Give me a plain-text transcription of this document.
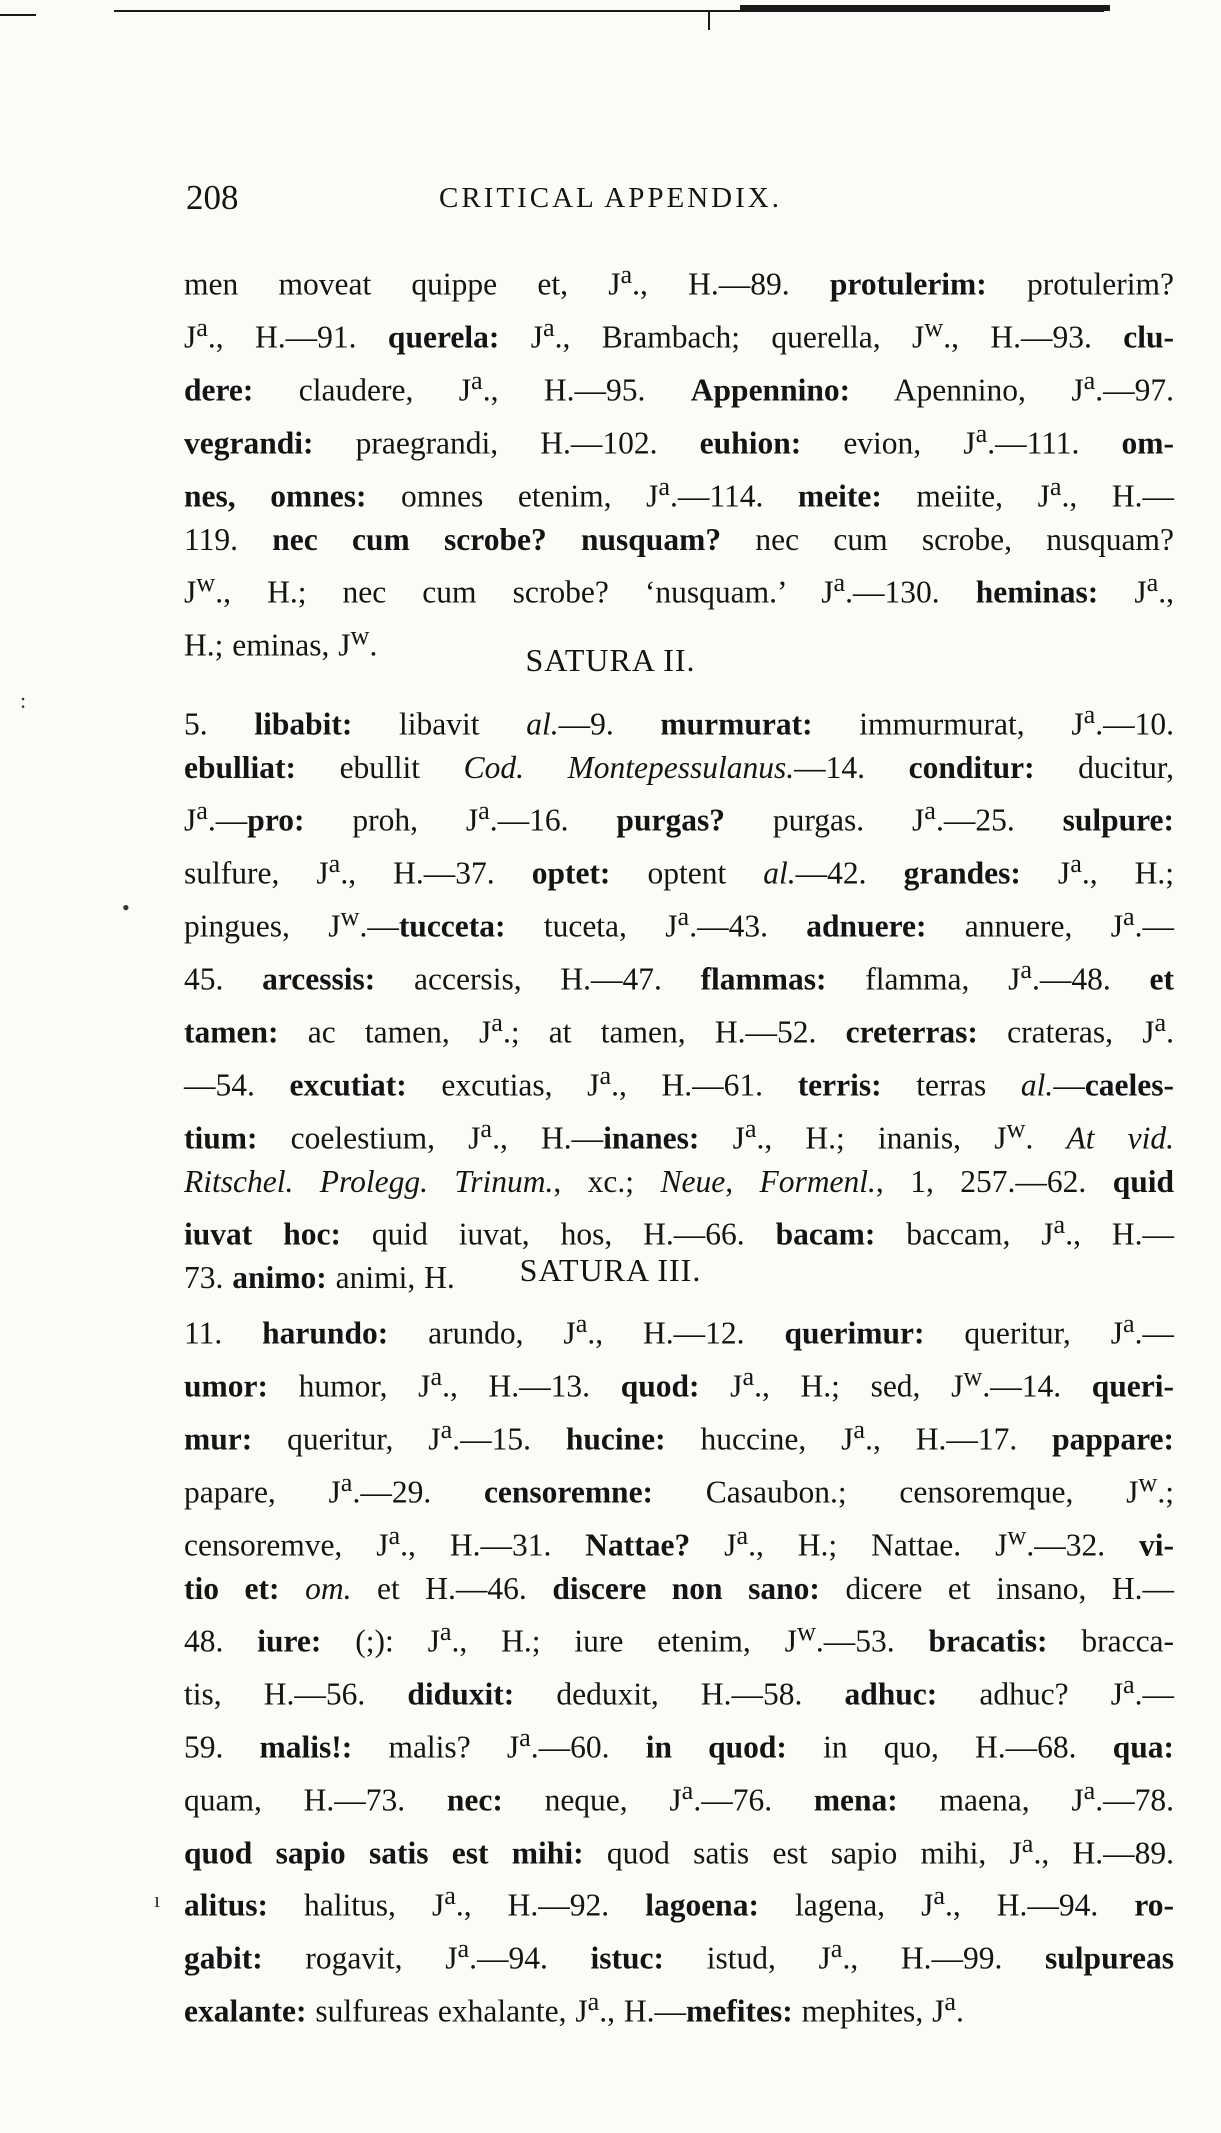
208	CRITICAL APPENDIX.
men moveat quippe et, $J^a$., H.—89. protulerim: protulerim?
$J^a$., H.—91. querela: $J^a$., Brambach; querella, $J^w$., H.—93. clu-
dere: claudere, $J^a$., H.—95. Appennino: Apennino, $J^a.—97$.
vegrandi: praegrandi, H.—102. euhion: evion, $J^a.—111$. om-
nes, omnes: omnes etenim, $J^a.—114$. meite: meiite, $J^a$., H.—
119. nec cum scrobe? nusquam? nec cum scrobe, nusquam?
$J^w$., H.; nec cum scrobe? ‘nusquam.’ $J^a.—130$. heminas: $J^a$.,
H.; eminas, $J^w$.	SATURA II.
5. libabit: libavit al.—9. murmurat: immurmurat, $J^a.—10$.
ebulliat: ebullit Cod. Montepessulanus.—14. conditur: ducitur,
$J^a.—pro$: proh, $J^a.—16$. purgas? purgas. $J^a.—25$. sulpure:
sulfure, $J^a$., H.—37. optet: optent al.—42. grandes: $J^a$., H.;
pingues, $J^w.—tucceta$: tuceta, $J^a.—43$. adnuere: annuere, $J^a.—$
45. arcessis: accersis, H.—47. flammas: flamma, $J^a.—48$. et
tamen: ac tamen, $J^a$.; at tamen, H.—52. creterras: crateras, $J^a$.
—54. excutiat: excutias, $J^a$., H.—61. terris: terras al.—caeles-
tium: coelestium, $J^a$., H.—inanes: $J^a$., H.; inanis, $J^w$. At vid.
Ritschel. Prolegg. Trinum., xc.; Neue, Formenl., 1, 257.—62. quid
iuvat hoc: quid iuvat, hos, H.—66. bacam: baccam, $J^a$., H.—
73. animo: animi, H.	SATURA III.
11. harundo: arundo, $J^a$., H.—12. querimur: queritur, $J^a.—$
umor: humor, $J^a$., H.—13. quod: $J^a$., H.; sed, $J^w.—14$. queri-
mur: queritur, $J^a.—15$. hucine: huccine, $J^a$., H.—17. pappare:
papare, $J^a.—29$. censoremne: Casaubon.; censoremque, $J^w$.;
censoremve, $J^a$., H.—31. Nattae? $J^a$., H.; Nattae. $J^w.—32$. vi-
tio et: om. et H.—46. discere non sano: dicere et insano, H.—
48. iure: (;): $J^a$., H.; iure etenim, $J^w.—53$. bracatis: bracca-
tis, H.—56. diduxit: deduxit, H.—58. adhuc: adhuc? $J^a.—$
59. malis!: malis? $J^a.—60$. in quod: in quo, H.—68. qua:
quam, H.—73. nec: neque, $J^a.—76$. mena: maena, $J^a.—78$.
quod sapio satis est mihi: quod satis est sapio mihi, $J^a$., H.—89.
alitus: halitus, $J^a$., H.—92. lagoena: lagena, $J^a$., H.—94. ro-
gabit: rogavit, $J^a.—94$. istuc: istud, $J^a$., H.—99. sulpureas
exalante: sulfureas exhalante, $J^a$., H.—mefites: mephites, $J^a$.
:
•
ı
